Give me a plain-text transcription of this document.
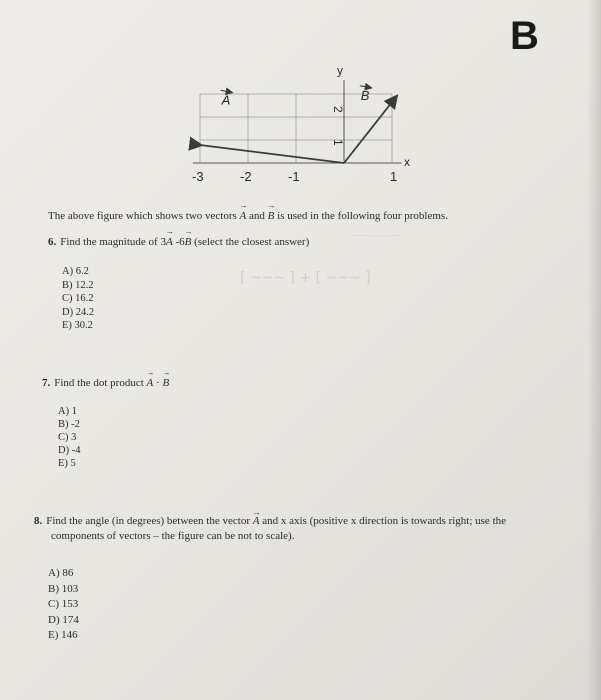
B
⌒⌒⌒⌒⌒
[ ~~~ ] + [ ~~~ ]
-3	-2	-1	1
2
1
x
y
A	B
The above figure which shows two vectors → A and → B is used in the following four problems.
6. Find the magnitude of 3→ A -6→ B (select the closest answer)
A) 6.2
B) 12.2
C) 16.2
D) 24.2
E) 30.2
7. Find the dot product → A · → B
A) 1
B) -2
C) 3
D) -4
E) 5
8. Find the angle (in degrees) between the vector → A and x axis (positive x direction is towards right; use the
components of vectors – the figure can be not to scale).
A) 86
B) 103
C) 153
D) 174
E) 146
